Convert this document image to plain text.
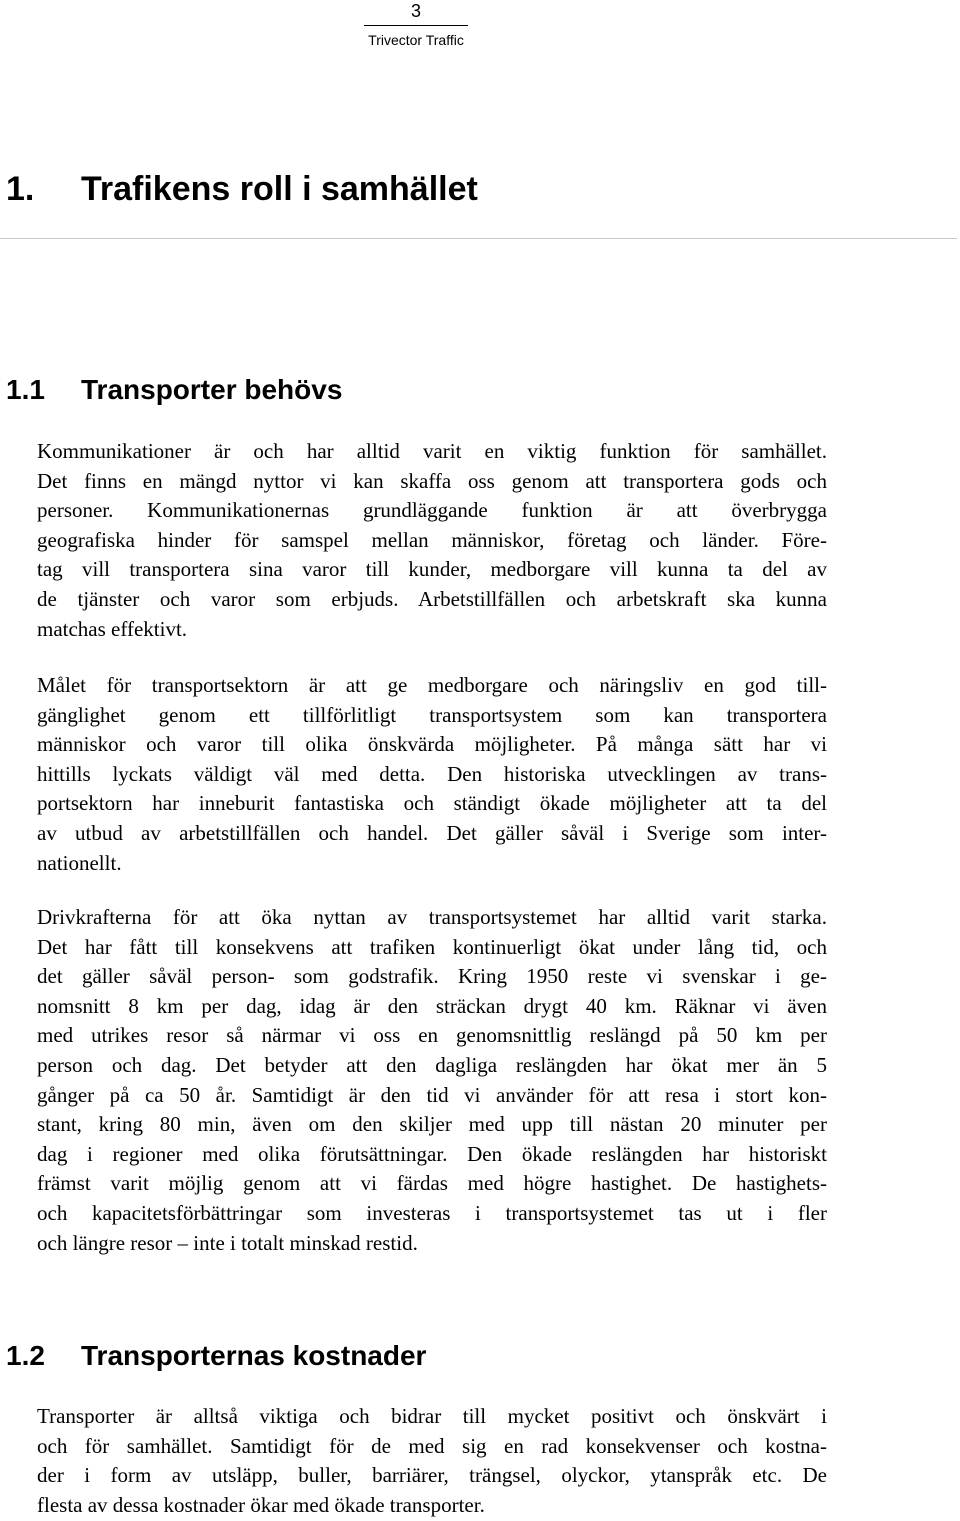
3
Trivector Traffic
1. Trafikens roll i samhället
1.1 Transporter behövs

Kommunikationer är och har alltid varit en viktig funktion för samhället.
Det finns en mängd nyttor vi kan skaffa oss genom att transportera gods och
personer. Kommunikationernas grundläggande funktion är att överbrygga
geografiska hinder för samspel mellan människor, företag och länder. Före-
tag vill transportera sina varor till kunder, medborgare vill kunna ta del av
de tjänster och varor som erbjuds. Arbetstillfällen och arbetskraft ska kunna
matchas effektivt.

Målet för transportsektorn är att ge medborgare och näringsliv en god till-
gänglighet genom ett tillförlitligt transportsystem som kan transportera
människor och varor till olika önskvärda möjligheter. På många sätt har vi
hittills lyckats väldigt väl med detta. Den historiska utvecklingen av trans-
portsektorn har inneburit fantastiska och ständigt ökade möjligheter att ta del
av utbud av arbetstillfällen och handel. Det gäller såväl i Sverige som inter-
nationellt.

Drivkrafterna för att öka nyttan av transportsystemet har alltid varit starka.
Det har fått till konsekvens att trafiken kontinuerligt ökat under lång tid, och
det gäller såväl person- som godstrafik. Kring 1950 reste vi svenskar i ge-
nomsnitt 8 km per dag, idag är den sträckan drygt 40 km. Räknar vi även
med utrikes resor så närmar vi oss en genomsnittlig reslängd på 50 km per
person och dag. Det betyder att den dagliga reslängden har ökat mer än 5
gånger på ca 50 år. Samtidigt är den tid vi använder för att resa i stort kon-
stant, kring 80 min, även om den skiljer med upp till nästan 20 minuter per
dag i regioner med olika förutsättningar. Den ökade reslängden har historiskt
främst varit möjlig genom att vi färdas med högre hastighet. De hastighets-
och kapacitetsförbättringar som investeras i transportsystemet tas ut i fler
och längre resor – inte i totalt minskad restid.

1.2 Transporternas kostnader

Transporter är alltså viktiga och bidrar till mycket positivt och önskvärt i
och för samhället. Samtidigt för de med sig en rad konsekvenser och kostna-
der i form av utsläpp, buller, barriärer, trängsel, olyckor, ytanspråk etc. De
flesta av dessa kostnader ökar med ökade transporter.
